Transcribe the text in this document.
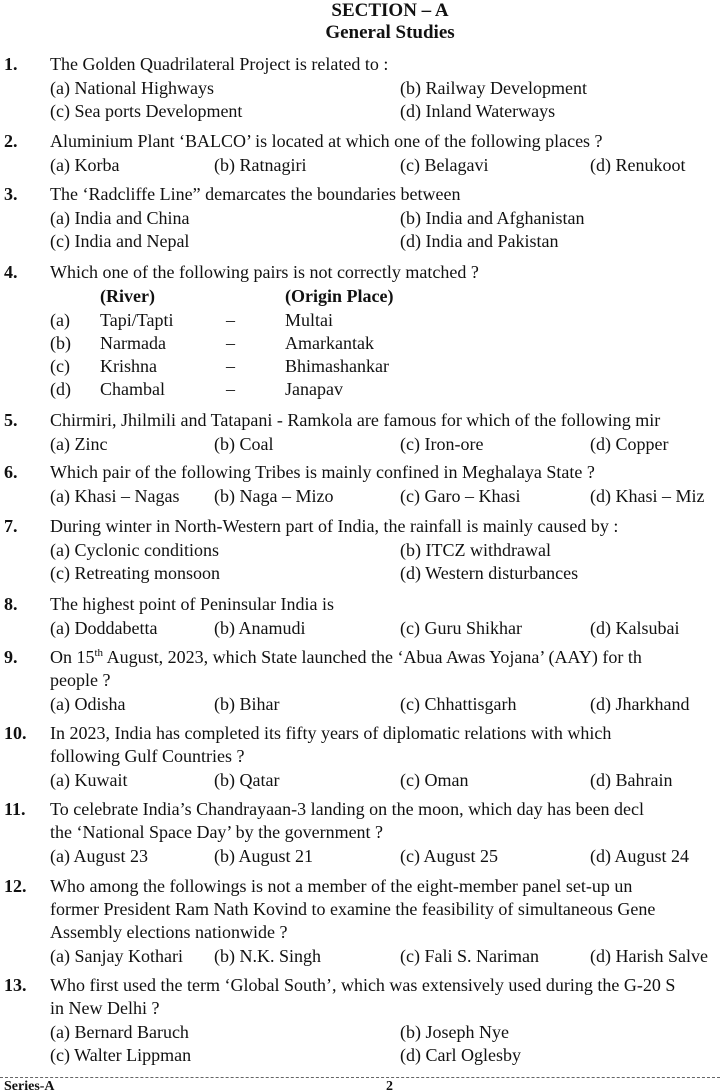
SECTION – A
General Studies
1. The Golden Quadrilateral Project is related to :
(a) National Highways	(b) Railway Development
(c) Sea ports Development	(d) Inland Waterways
2. Aluminium Plant ‘BALCO’ is located at which one of the following places ?
(a) Korba	(b) Ratnagiri	(c) Belagavi	(d) Renukoot
3. The ‘Radcliffe Line” demarcates the boundaries between
(a) India and China	(b) India and Afghanistan
(c) India and Nepal	(d) India and Pakistan
4. Which one of the following pairs is not correctly matched ?
(River)	(Origin Place)
(a) Tapi/Tapti	–	Multai
(b) Narmada	–	Amarkantak
(c) Krishna	–	Bhimashankar
(d) Chambal	–	Janapav
5. Chirmiri, Jhilmili and Tatapani - Ramkola are famous for which of the following mir
(a) Zinc	(b) Coal	(c) Iron-ore	(d) Copper
6. Which pair of the following Tribes is mainly confined in Meghalaya State ?
(a) Khasi – Nagas (b) Naga – Mizo	(c) Garo – Khasi	(d) Khasi – Miz
7. During winter in North-Western part of India, the rainfall is mainly caused by :
(a) Cyclonic conditions	(b) ITCZ withdrawal
(c) Retreating monsoon	(d) Western disturbances
8. The highest point of Peninsular India is
(a) Doddabetta	(b) Anamudi	(c) Guru Shikhar	(d) Kalsubai
9. On 15th August, 2023, which State launched the ‘Abua Awas Yojana’ (AAY) for th
people ?
(a) Odisha	(b) Bihar	(c) Chhattisgarh	(d) Jharkhand
10. In 2023, India has completed its fifty years of diplomatic relations with which
following Gulf Countries ?
(a) Kuwait	(b) Qatar	(c) Oman	(d) Bahrain
11. To celebrate India’s Chandrayaan-3 landing on the moon, which day has been decl
the ‘National Space Day’ by the government ?
(a) August 23	(b) August 21	(c) August 25	(d) August 24
12. Who among the followings is not a member of the eight-member panel set-up un
former President Ram Nath Kovind to examine the feasibility of simultaneous Gene
Assembly elections nationwide ?
(a) Sanjay Kothari (b) N.K. Singh	(c) Fali S. Nariman	(d) Harish Salve
13. Who first used the term ‘Global South’, which was extensively used during the G-20 S
in New Delhi ?
(a) Bernard Baruch	(b) Joseph Nye
(c) Walter Lippman	(d) Carl Oglesby
Series-A	2
